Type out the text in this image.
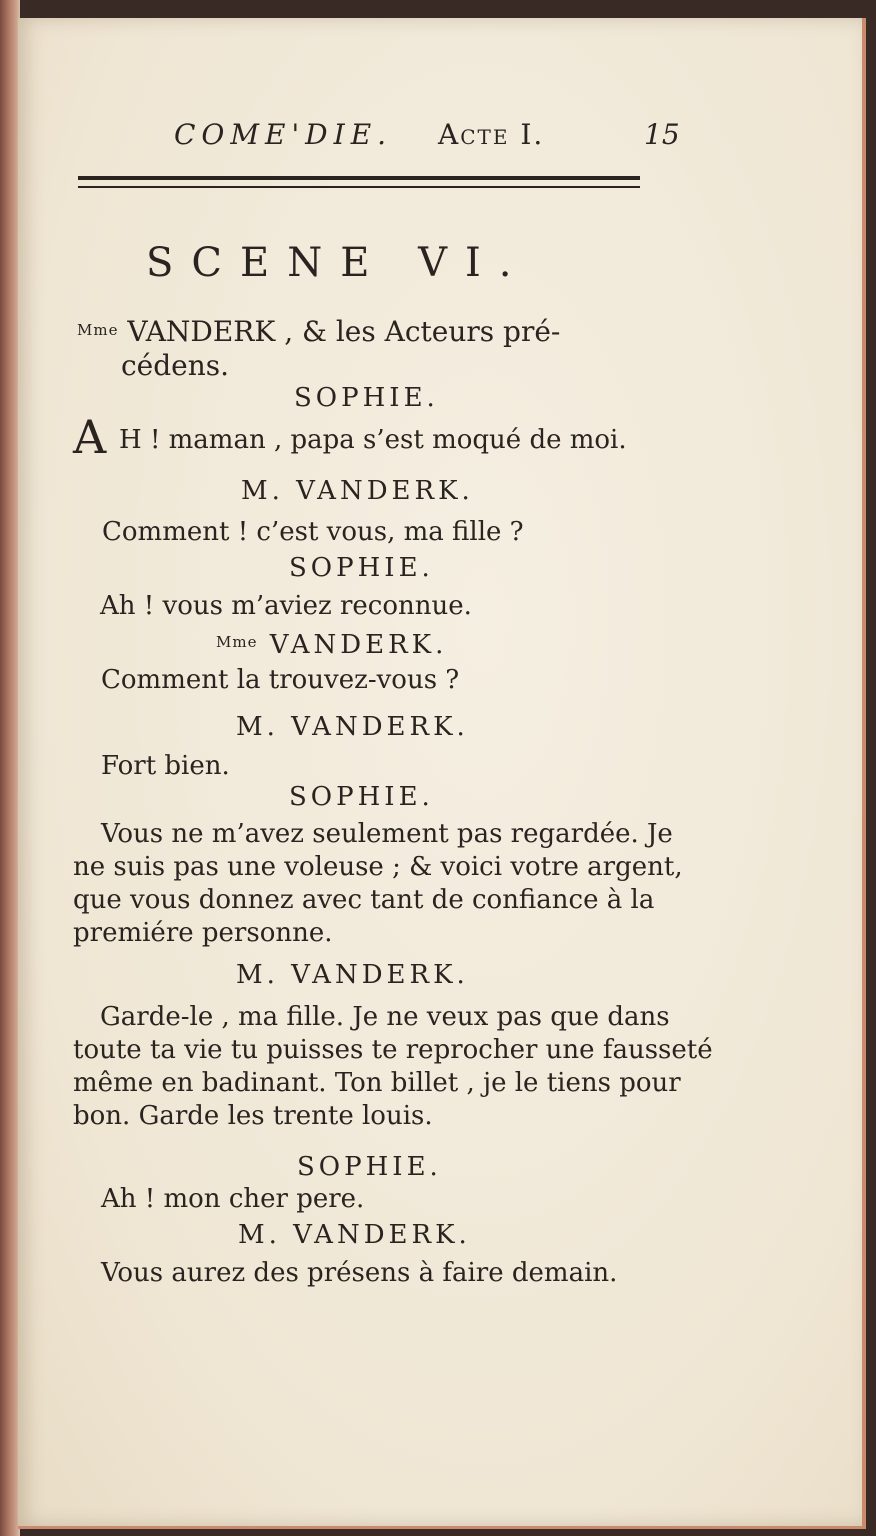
COME'DIE. Acte I.	15
SCENE VI.
$^{Mme}$ VANDERK , & les Acteurs pré-
cédens.
SOPHIE.
A H ! maman , papa s’est moqué de moi.
M. VANDERK.
Comment ! c’est vous, ma fille ?
SOPHIE.
Ah ! vous m’aviez reconnue.
$^{Mme}$ VANDERK.
Comment la trouvez-vous ?
M. VANDERK.
Fort bien.
SOPHIE.
Vous ne m’avez seulement pas regardée. Je
ne suis pas une voleuse ; & voici votre argent,
que vous donnez avec tant de confiance à la
premiére personne.
M. VANDERK.
Garde-le , ma fille. Je ne veux pas que dans
toute ta vie tu puisses te reprocher une fausseté
même en badinant. Ton billet , je le tiens pour
bon. Garde les trente louis.
SOPHIE.
Ah ! mon cher pere.
M. VANDERK.
Vous aurez des présens à faire demain.
